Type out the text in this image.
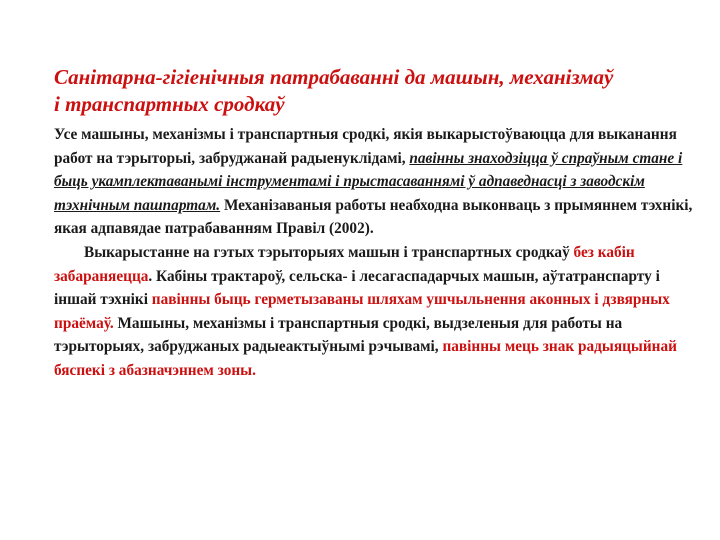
Санітарна-гігіенічныя патрабаванні да машын, механізмаў
і транспартных сродкаў

Усе машыны, механізмы і транспартныя сродкі, якія выкарыстоўваюцца для выканання работ на тэрыторыі, забруджанай радыенуклідамі, павінны знаходзіцца ў спраўным стане і быць укамплектаванымі інструментамі і прыстасаваннямі ў адпаведнасці з заводскім тэхнічным пашпартам. Механізаваныя работы неабходна выконваць з прымяннем тэхнікі, якая адпавядае патрабаванням Правіл (2002).

Выкарыстанне на гэтых тэрыторыях машын і транспартных сродкаў без кабін забараняецца. Кабіны трактароў, сельска- і лесагаспадарчых машын, аўтатранспарту і іншай тэхнікі павінны быць герметызаваны шляхам ушчыльнення аконных і дзвярных праёмаў. Машыны, механізмы і транспартныя сродкі, выдзеленыя для работы на тэрыторыях, забруджаных радыеактыўнымі рэчывамі, павінны мець знак радыяцыйнай бяспекі з абазначэннем зоны.
